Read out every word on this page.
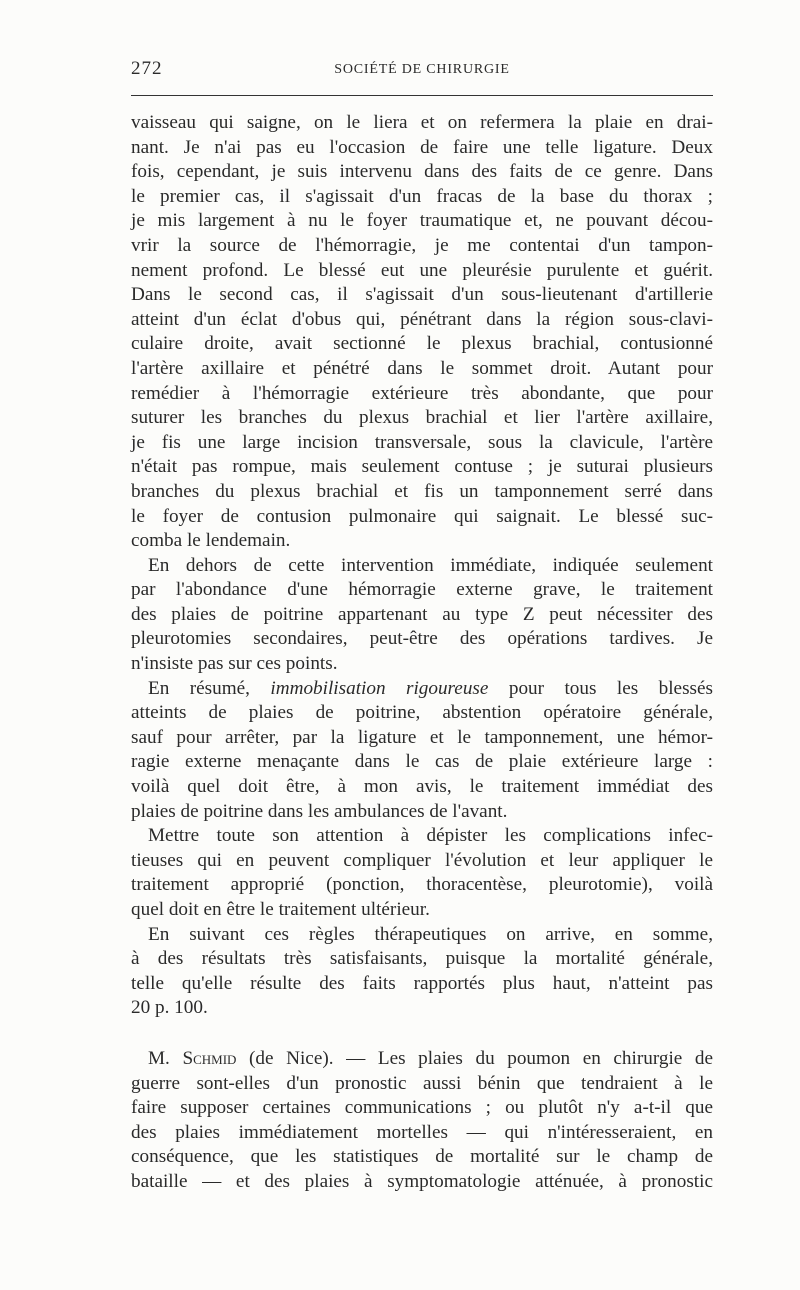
272	SOCIÉTÉ DE CHIRURGIE
vaisseau qui saigne, on le liera et on refermera la plaie en drai-
nant. Je n'ai pas eu l'occasion de faire une telle ligature. Deux
fois, cependant, je suis intervenu dans des faits de ce genre. Dans
le premier cas, il s'agissait d'un fracas de la base du thorax ;
je mis largement à nu le foyer traumatique et, ne pouvant décou-
vrir la source de l'hémorragie, je me contentai d'un tampon-
nement profond. Le blessé eut une pleurésie purulente et guérit.
Dans le second cas, il s'agissait d'un sous-lieutenant d'artillerie
atteint d'un éclat d'obus qui, pénétrant dans la région sous-clavi-
culaire droite, avait sectionné le plexus brachial, contusionné
l'artère axillaire et pénétré dans le sommet droit. Autant pour
remédier à l'hémorragie extérieure très abondante, que pour
suturer les branches du plexus brachial et lier l'artère axillaire,
je fis une large incision transversale, sous la clavicule, l'artère
n'était pas rompue, mais seulement contuse ; je suturai plusieurs
branches du plexus brachial et fis un tamponnement serré dans
le foyer de contusion pulmonaire qui saignait. Le blessé suc-
comba le lendemain.
En dehors de cette intervention immédiate, indiquée seulement
par l'abondance d'une hémorragie externe grave, le traitement
des plaies de poitrine appartenant au type Z peut nécessiter des
pleurotomies secondaires, peut-être des opérations tardives. Je
n'insiste pas sur ces points.
En résumé, immobilisation rigoureuse pour tous les blessés
atteints de plaies de poitrine, abstention opératoire générale,
sauf pour arrêter, par la ligature et le tamponnement, une hémor-
ragie externe menaçante dans le cas de plaie extérieure large :
voilà quel doit être, à mon avis, le traitement immédiat des
plaies de poitrine dans les ambulances de l'avant.
Mettre toute son attention à dépister les complications infec-
tieuses qui en peuvent compliquer l'évolution et leur appliquer le
traitement approprié (ponction, thoracentèse, pleurotomie), voilà
quel doit en être le traitement ultérieur.
En suivant ces règles thérapeutiques on arrive, en somme,
à des résultats très satisfaisants, puisque la mortalité générale,
telle qu'elle résulte des faits rapportés plus haut, n'atteint pas
20 p. 100.
M. Schmid (de Nice). — Les plaies du poumon en chirurgie de
guerre sont-elles d'un pronostic aussi bénin que tendraient à le
faire supposer certaines communications ; ou plutôt n'y a-t-il que
des plaies immédiatement mortelles — qui n'intéresseraient, en
conséquence, que les statistiques de mortalité sur le champ de
bataille — et des plaies à symptomatologie atténuée, à pronostic
